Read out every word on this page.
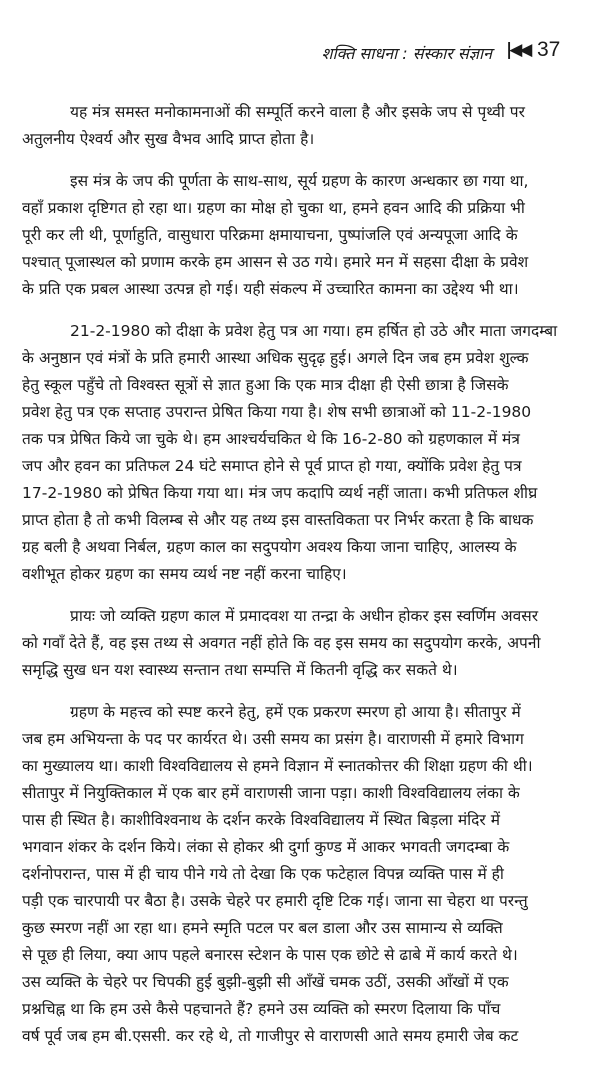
शक्ति साधना : संस्कार संज्ञान |◀◀ 37
यह मंत्र समस्त मनोकामनाओं की सम्पूर्ति करने वाला है और इसके जप से पृथ्वी पर
अतुलनीय ऐश्वर्य और सुख वैभव आदि प्राप्त होता है।
इस मंत्र के जप की पूर्णता के साथ-साथ, सूर्य ग्रहण के कारण अन्धकार छा गया था,
वहाँ प्रकाश दृष्टिगत हो रहा था। ग्रहण का मोक्ष हो चुका था, हमने हवन आदि की प्रक्रिया भी
पूरी कर ली थी, पूर्णाहुति, वासुधारा परिक्रमा क्षमायाचना, पुष्पांजलि एवं अन्यपूजा आदि के
पश्चात् पूजास्थल को प्रणाम करके हम आसन से उठ गये। हमारे मन में सहसा दीक्षा के प्रवेश
के प्रति एक प्रबल आस्था उत्पन्न हो गई। यही संकल्प में उच्चारित कामना का उद्देश्य भी था।
21-2-1980 को दीक्षा के प्रवेश हेतु पत्र आ गया। हम हर्षित हो उठे और माता जगदम्बा
के अनुष्ठान एवं मंत्रों के प्रति हमारी आस्था अधिक सुदृढ़ हुई। अगले दिन जब हम प्रवेश शुल्क
हेतु स्कूल पहुँचे तो विश्वस्त सूत्रों से ज्ञात हुआ कि एक मात्र दीक्षा ही ऐसी छात्रा है जिसके
प्रवेश हेतु पत्र एक सप्ताह उपरान्त प्रेषित किया गया है। शेष सभी छात्राओं को 11-2-1980
तक पत्र प्रेषित किये जा चुके थे। हम आश्चर्यचकित थे कि 16-2-80 को ग्रहणकाल में मंत्र
जप और हवन का प्रतिफल 24 घंटे समाप्त होने से पूर्व प्राप्त हो गया, क्योंकि प्रवेश हेतु पत्र
17-2-1980 को प्रेषित किया गया था। मंत्र जप कदापि व्यर्थ नहीं जाता। कभी प्रतिफल शीघ्र
प्राप्त होता है तो कभी विलम्ब से और यह तथ्य इस वास्तविकता पर निर्भर करता है कि बाधक
ग्रह बली है अथवा निर्बल, ग्रहण काल का सदुपयोग अवश्य किया जाना चाहिए, आलस्य के
वशीभूत होकर ग्रहण का समय व्यर्थ नष्ट नहीं करना चाहिए।
प्रायः जो व्यक्ति ग्रहण काल में प्रमादवश या तन्द्रा के अधीन होकर इस स्वर्णिम अवसर
को गवाँ देते हैं, वह इस तथ्य से अवगत नहीं होते कि वह इस समय का सदुपयोग करके, अपनी
समृद्धि सुख धन यश स्वास्थ्य सन्तान तथा सम्पत्ति में कितनी वृद्धि कर सकते थे।
ग्रहण के महत्त्व को स्पष्ट करने हेतु, हमें एक प्रकरण स्मरण हो आया है। सीतापुर में
जब हम अभियन्ता के पद पर कार्यरत थे। उसी समय का प्रसंग है। वाराणसी में हमारे विभाग
का मुख्यालय था। काशी विश्वविद्यालय से हमने विज्ञान में स्नातकोत्तर की शिक्षा ग्रहण की थी।
सीतापुर में नियुक्तिकाल में एक बार हमें वाराणसी जाना पड़ा। काशी विश्वविद्यालय लंका के
पास ही स्थित है। काशीविश्वनाथ के दर्शन करके विश्वविद्यालय में स्थित बिड़ला मंदिर में
भगवान शंकर के दर्शन किये। लंका से होकर श्री दुर्गा कुण्ड में आकर भगवती जगदम्बा के
दर्शनोपरान्त, पास में ही चाय पीने गये तो देखा कि एक फटेहाल विपन्न व्यक्ति पास में ही
पड़ी एक चारपायी पर बैठा है। उसके चेहरे पर हमारी दृष्टि टिक गई। जाना सा चेहरा था परन्तु
कुछ स्मरण नहीं आ रहा था। हमने स्मृति पटल पर बल डाला और उस सामान्य से व्यक्ति
से पूछ ही लिया, क्या आप पहले बनारस स्टेशन के पास एक छोटे से ढाबे में कार्य करते थे।
उस व्यक्ति के चेहरे पर चिपकी हुई बुझी-बुझी सी आँखें चमक उठीं, उसकी आँखों में एक
प्रश्नचिह्न था कि हम उसे कैसे पहचानते हैं? हमने उस व्यक्ति को स्मरण दिलाया कि पाँच
वर्ष पूर्व जब हम बी.एससी. कर रहे थे, तो गाजीपुर से वाराणसी आते समय हमारी जेब कट
